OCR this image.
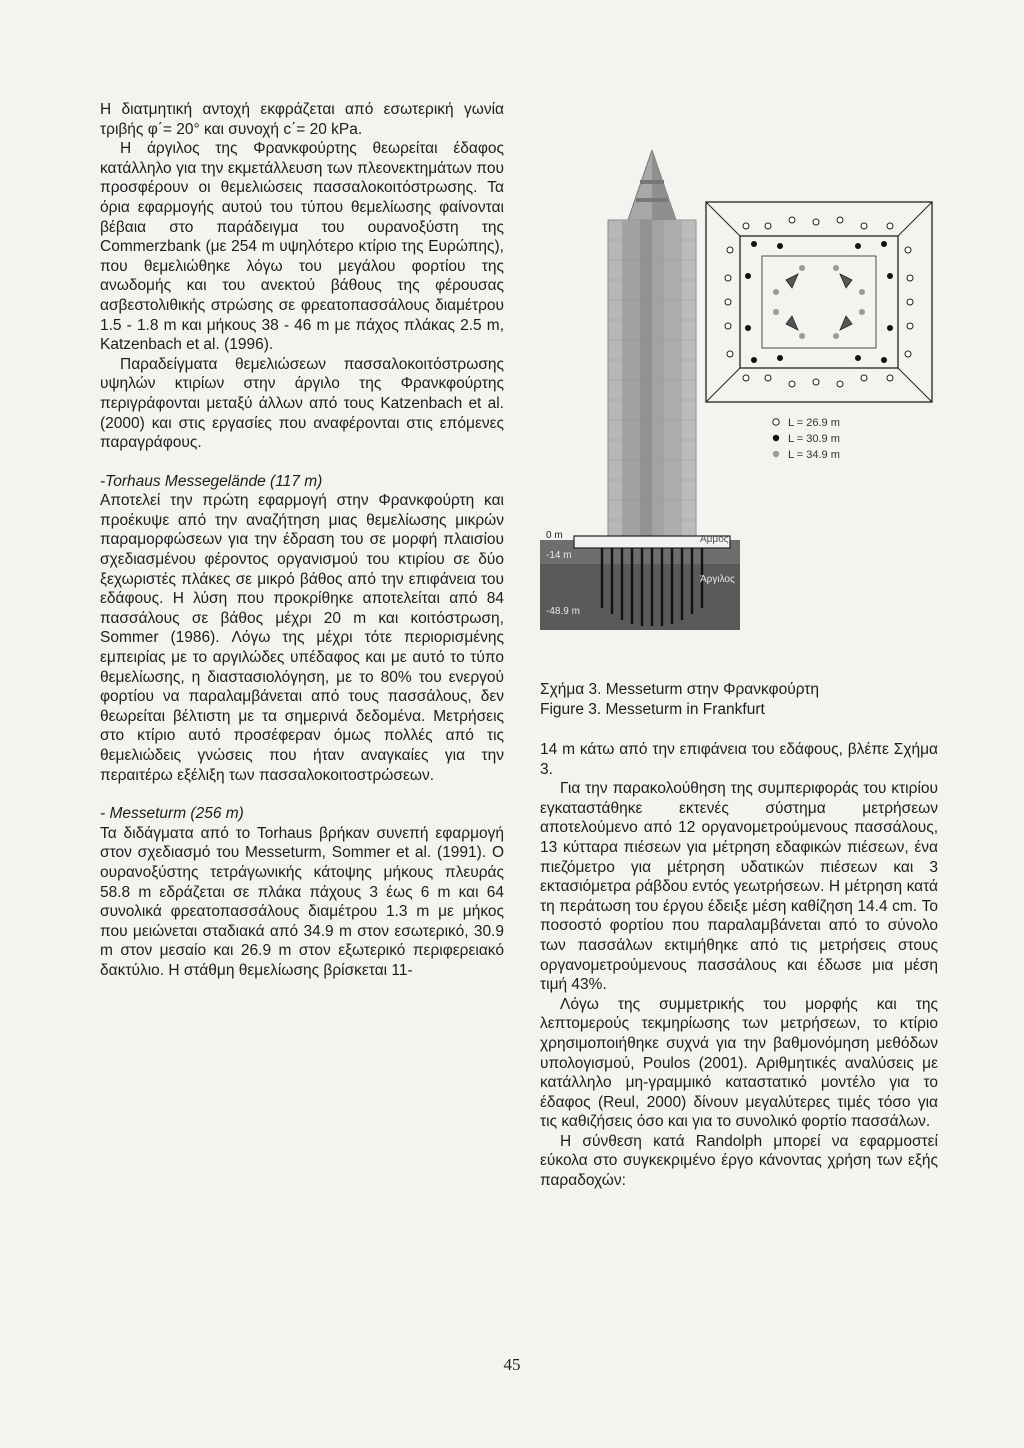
Η διατμητική αντοχή εκφράζεται από εσωτερική γωνία τριβής φ΄= 20° και συνοχή c΄= 20 kPa.

Η άργιλος της Φρανκφούρτης θεωρείται έδαφος κατάλληλο για την εκμετάλλευση των πλεονεκτημάτων που προσφέρουν οι θεμελιώσεις πασσαλοκοιτόστρωσης. Τα όρια εφαρμογής αυτού του τύπου θεμελίωσης φαίνονται βέβαια στο παράδειγμα του ουρανοξύστη της Commerzbank (με 254 m υψηλότερο κτίριο της Ευρώπης), που θεμελιώθηκε λόγω του μεγάλου φορτίου της ανωδομής και του ανεκτού βάθους της φέρουσας ασβεστολιθικής στρώσης σε φρεατοπασσάλους διαμέτρου 1.5 - 1.8 m και μήκους 38 - 46 m με πάχος πλάκας 2.5 m, Katzenbach et al. (1996).

Παραδείγματα θεμελιώσεων πασσαλοκοιτόστρωσης υψηλών κτιρίων στην άργιλο της Φρανκφούρτης περιγράφονται μεταξύ άλλων από τους Katzenbach et al. (2000) και στις εργασίες που αναφέρονται στις επόμενες παραγράφους.

-Torhaus Messegelände (117 m)

Αποτελεί την πρώτη εφαρμογή στην Φρανκφούρτη και προέκυψε από την αναζήτηση μιας θεμελίωσης μικρών παραμορφώσεων για την έδραση του σε μορφή πλαισίου σχεδιασμένου φέροντος οργανισμού του κτιρίου σε δύο ξεχωριστές πλάκες σε μικρό βάθος από την επιφάνεια του εδάφους. Η λύση που προκρίθηκε αποτελείται από 84 πασσάλους σε βάθος μέχρι 20 m και κοιτόστρωση, Sommer (1986). Λόγω της μέχρι τότε περιορισμένης εμπειρίας με το αργιλώδες υπέδαφος και με αυτό το τύπο θεμελίωσης, η διαστασιολόγηση, με το 80% του ενεργού φορτίου να παραλαμβάνεται από τους πασσάλους, δεν θεωρείται βέλτιστη με τα σημερινά δεδομένα. Μετρήσεις στο κτίριο αυτό προσέφεραν όμως πολλές από τις θεμελιώδεις γνώσεις που ήταν αναγκαίες για την περαιτέρω εξέλιξη των πασσαλοκοιτοστρώσεων.

- Messeturm (256 m)

Τα διδάγματα από το Torhaus βρήκαν συνεπή εφαρμογή στον σχεδιασμό του Messeturm, Sommer et al. (1991). Ο ουρανοξύστης τετράγωνικής κάτοψης μήκους πλευράς 58.8 m εδράζεται σε πλάκα πάχους 3 έως 6 m και 64 συνολικά φρεατοπασσάλους διαμέτρου 1.3 m με μήκος που μειώνεται σταδιακά από 34.9 m στον εσωτερικό, 30.9 m στον μεσαίο και 26.9 m στον εξωτερικό περιφερειακό δακτύλιο. Η στάθμη θεμελίωσης βρίσκεται 11-

0 m
-14 m
-48.9 m
Άμμος
Άργιλος
L = 26.9 m
L = 30.9 m
L = 34.9 m
Σχήμα 3. Messeturm στην Φρανκφούρτη
Figure 3. Messeturm in Frankfurt

14 m κάτω από την επιφάνεια του εδάφους, βλέπε Σχήμα 3.

Για την παρακολούθηση της συμπεριφοράς του κτιρίου εγκαταστάθηκε εκτενές σύστημα μετρήσεων αποτελούμενο από 12 οργανομετρούμενους πασσάλους, 13 κύτταρα πιέσεων για μέτρηση εδαφικών πιέσεων, ένα πιεζόμετρο για μέτρηση υδατικών πιέσεων και 3 εκτασιόμετρα ράβδου εντός γεωτρήσεων. Η μέτρηση κατά τη περάτωση του έργου έδειξε μέση καθίζηση 14.4 cm. Το ποσοστό φορτίου που παραλαμβάνεται από το σύνολο των πασσάλων εκτιμήθηκε από τις μετρήσεις στους οργανομετρούμενους πασσάλους και έδωσε μια μέση τιμή 43%.

Λόγω της συμμετρικής του μορφής και της λεπτομερούς τεκμηρίωσης των μετρήσεων, το κτίριο χρησιμοποιήθηκε συχνά για την βαθμονόμηση μεθόδων υπολογισμού, Poulos (2001). Αριθμητικές αναλύσεις με κατάλληλο μη-γραμμικό καταστατικό μοντέλο για το έδαφος (Reul, 2000) δίνουν μεγαλύτερες τιμές τόσο για τις καθιζήσεις όσο και για το συνολικό φορτίο πασσάλων.

Η σύνθεση κατά Randolph μπορεί να εφαρμοστεί εύκολα στο συγκεκριμένο έργο κάνοντας χρήση των εξής παραδοχών:

45
